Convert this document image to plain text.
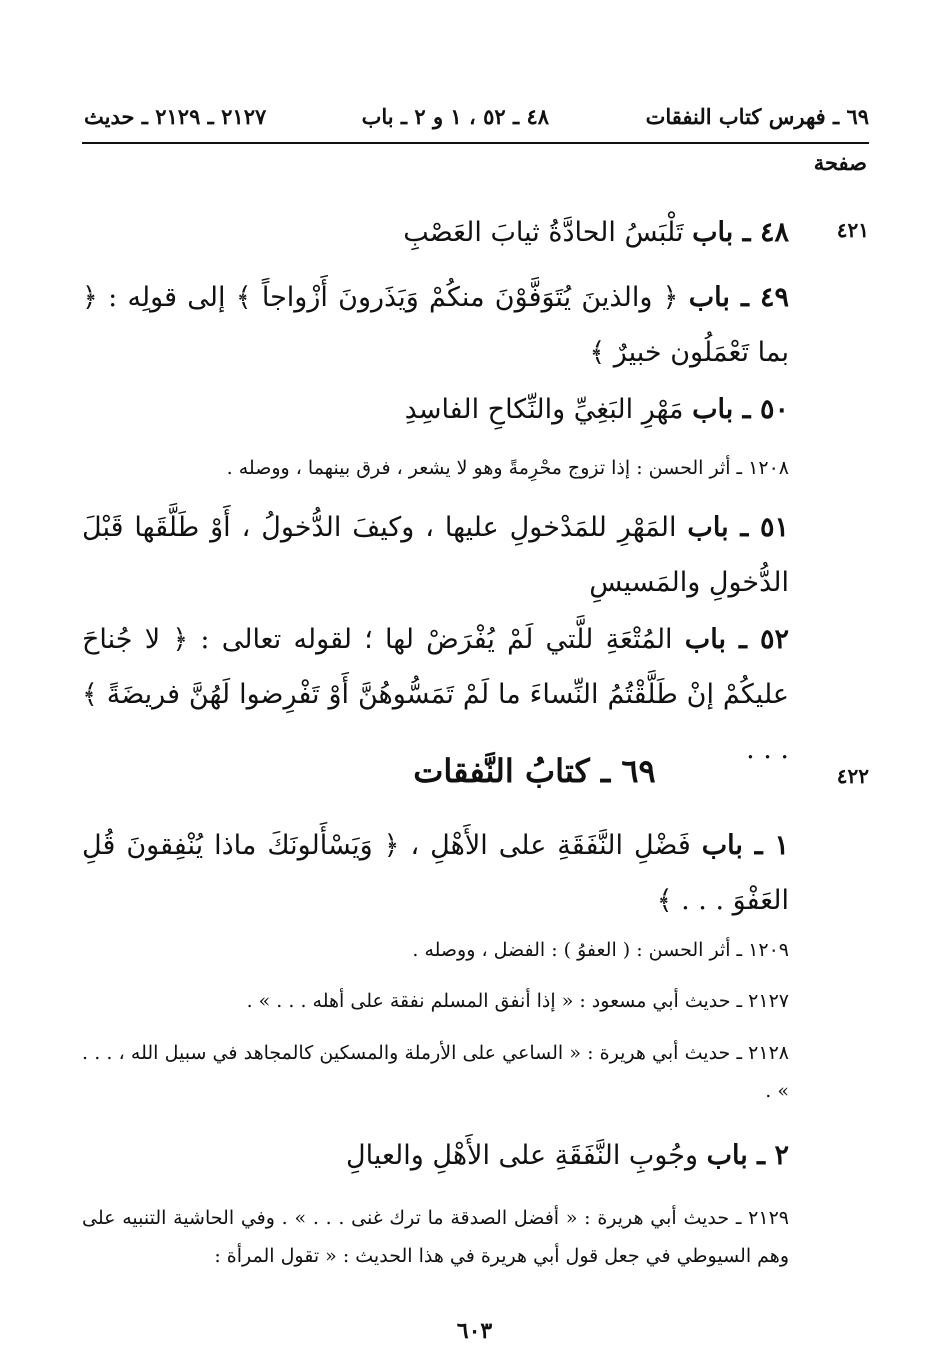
٦٩ ـ فهرس كتاب النفقات
٤٨ ـ ٥٢ ، ١ و ٢ ـ باب
٢١٢٧ ـ ٢١٢٩ ـ حديث
صفحة
٤٢١
٤٢٢
٤٨ ـ باب تَلْبَسُ الحادَّةُ ثيابَ العَصْبِ
٤٩ ـ باب ﴿ والذينَ يُتَوَفَّوْنَ منكُمْ وَيَذَرونَ أَزْواجاً ﴾ إلى قولِه : ﴿ بما تَعْمَلُون خبيرٌ ﴾
٥٠ ـ باب مَهْرِ البَغِيِّ والنِّكاحِ الفاسِدِ
١٢٠٨ ـ أثر الحسن : إذا تزوج محْرِمةً وهو لا يشعر ، فرق بينهما ، ووصله .
٥١ ـ باب المَهْرِ للمَدْخولِ عليها ، وكيفَ الدُّخولُ ، أَوْ طَلَّقَها قَبْلَ الدُّخولِ والمَسيسِ
٥٢ ـ باب المُتْعَةِ للَّتي لَمْ يُفْرَضْ لها ؛ لقوله تعالى : ﴿ لا جُناحَ عليكُمْ إنْ طَلَّقْتُمُ النِّساءَ ما لَمْ تَمَسُّوهُنَّ أَوْ تَفْرِضوا لَهُنَّ فريضَةً ﴾ . . .
٦٩ ـ كتابُ النَّفقات
١ ـ باب فَضْلِ النَّفَقَةِ على الأَهْلِ ، ﴿ وَيَسْأَلونَكَ ماذا يُنْفِقونَ قُلِ العَفْوَ . . . ﴾
١٢٠٩ ـ أثر الحسن : ( العفوُ ) : الفضل ، ووصله .
٢١٢٧ ـ حديث أبي مسعود : « إذا أنفق المسلم نفقة على أهله . . . » .
٢١٢٨ ـ حديث أبي هريرة : « الساعي على الأرملة والمسكين كالمجاهد في سبيل الله ، . . . » .
٢ ـ باب وجُوبِ النَّفَقَةِ على الأَهْلِ والعيالِ
٢١٢٩ ـ حديث أبي هريرة : « أفضل الصدقة ما ترك غنى . . . » . وفي الحاشية التنبيه على وهم السيوطي في جعل قول أبي هريرة في هذا الحديث : « تقول المرأة :
٦٠٣
